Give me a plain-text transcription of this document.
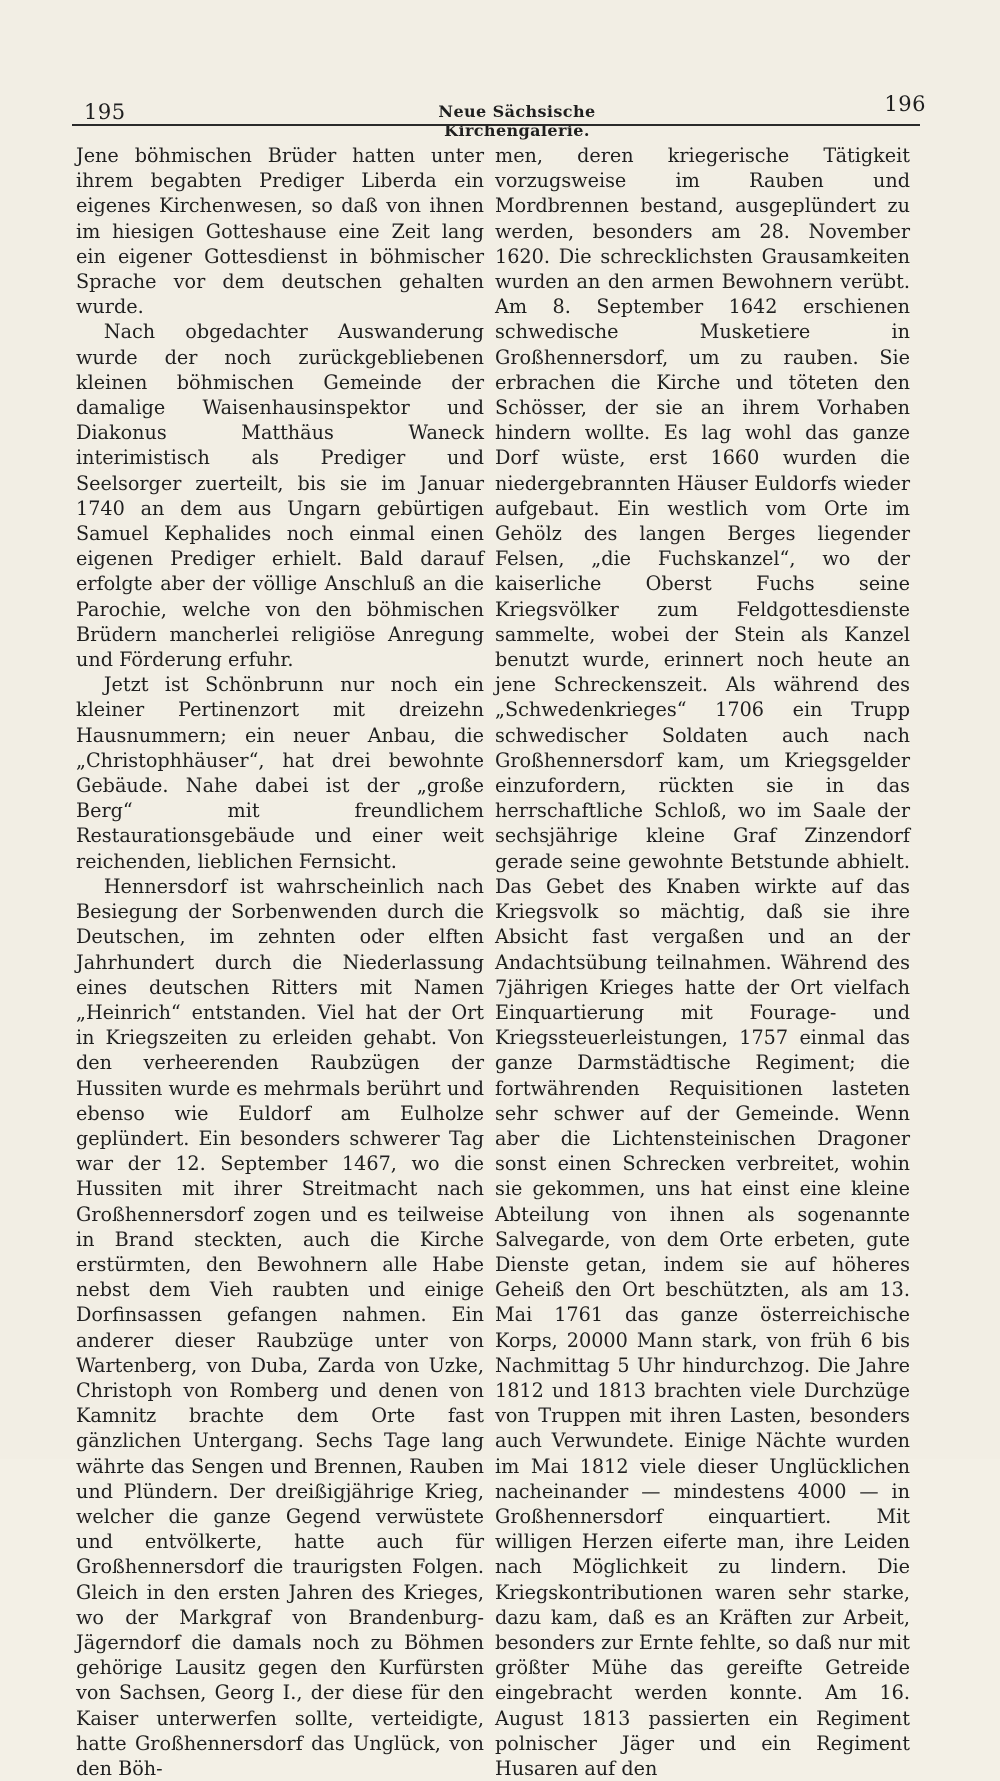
195	Neue Sächsische Kirchengalerie.
196

Jene böhmischen Brüder hatten unter ihrem begabten Prediger Liberda ein eigenes Kirchenwesen, so daß von ihnen im hiesigen Gotteshause eine Zeit lang ein eigener Gottesdienst in böhmischer Sprache vor dem deutschen gehalten wurde.

Nach obgedachter Auswanderung wurde der noch zurückgebliebenen kleinen böhmischen Gemeinde der damalige Waisenhausinspektor und Diakonus Matthäus Waneck interimistisch als Prediger und Seelsorger zuerteilt, bis sie im Januar 1740 an dem aus Ungarn gebürtigen Samuel Kephalides noch einmal einen eigenen Prediger erhielt. Bald darauf erfolgte aber der völlige Anschluß an die Parochie, welche von den böhmischen Brüdern mancherlei religiöse Anregung und Förderung erfuhr.

Jetzt ist Schönbrunn nur noch ein kleiner Pertinenzort mit dreizehn Hausnummern; ein neuer Anbau, die „Christophhäuser“, hat drei bewohnte Gebäude. Nahe dabei ist der „große Berg“ mit freundlichem Restaurationsgebäude und einer weit reichenden, lieblichen Fernsicht.

Hennersdorf ist wahrscheinlich nach Besiegung der Sorbenwenden durch die Deutschen, im zehnten oder elften Jahrhundert durch die Niederlassung eines deutschen Ritters mit Namen „Heinrich“ entstanden. Viel hat der Ort in Kriegszeiten zu erleiden gehabt. Von den verheerenden Raubzügen der Hussiten wurde es mehrmals berührt und ebenso wie Euldorf am Eulholze geplündert. Ein besonders schwerer Tag war der 12. September 1467, wo die Hussiten mit ihrer Streitmacht nach Großhennersdorf zogen und es teilweise in Brand steckten, auch die Kirche erstürmten, den Bewohnern alle Habe nebst dem Vieh raubten und einige Dorfinsassen gefangen nahmen. Ein anderer dieser Raubzüge unter von Wartenberg, von Duba, Zarda von Uzke, Christoph von Romberg und denen von Kamnitz brachte dem Orte fast gänzlichen Untergang. Sechs Tage lang währte das Sengen und Brennen, Rauben und Plündern. Der dreißigjährige Krieg, welcher die ganze Gegend verwüstete und entvölkerte, hatte auch für Großhennersdorf die traurigsten Folgen. Gleich in den ersten Jahren des Krieges, wo der Markgraf von Brandenburg-Jägerndorf die damals noch zu Böhmen gehörige Lausitz gegen den Kurfürsten von Sachsen, Georg I., der diese für den Kaiser unterwerfen sollte, verteidigte, hatte Großhennersdorf das Unglück, von den Böh-

men, deren kriegerische Tätigkeit vorzugsweise im Rauben und Mordbrennen bestand, ausgeplündert zu werden, besonders am 28. November 1620. Die schrecklichsten Grausamkeiten wurden an den armen Bewohnern verübt. Am 8. September 1642 erschienen schwedische Musketiere in Großhennersdorf, um zu rauben. Sie erbrachen die Kirche und töteten den Schösser, der sie an ihrem Vorhaben hindern wollte. Es lag wohl das ganze Dorf wüste, erst 1660 wurden die niedergebrannten Häuser Euldorfs wieder aufgebaut. Ein westlich vom Orte im Gehölz des langen Berges liegender Felsen, „die Fuchskanzel“, wo der kaiserliche Oberst Fuchs seine Kriegsvölker zum Feldgottesdienste sammelte, wobei der Stein als Kanzel benutzt wurde, erinnert noch heute an jene Schreckenszeit. Als während des „Schwedenkrieges“ 1706 ein Trupp schwedischer Soldaten auch nach Großhennersdorf kam, um Kriegsgelder einzufordern, rückten sie in das herrschaftliche Schloß, wo im Saale der sechsjährige kleine Graf Zinzendorf gerade seine gewohnte Betstunde abhielt. Das Gebet des Knaben wirkte auf das Kriegsvolk so mächtig, daß sie ihre Absicht fast vergaßen und an der Andachtsübung teilnahmen. Während des 7jährigen Krieges hatte der Ort vielfach Einquartierung mit Fourage- und Kriegssteuerleistungen, 1757 einmal das ganze Darmstädtische Regiment; die fortwährenden Requisitionen lasteten sehr schwer auf der Gemeinde. Wenn aber die Lichtensteinischen Dragoner sonst einen Schrecken verbreitet, wohin sie gekommen, uns hat einst eine kleine Abteilung von ihnen als sogenannte Salvegarde, von dem Orte erbeten, gute Dienste getan, indem sie auf höheres Geheiß den Ort beschützten, als am 13. Mai 1761 das ganze österreichische Korps, 20000 Mann stark, von früh 6 bis Nachmittag 5 Uhr hindurchzog. Die Jahre 1812 und 1813 brachten viele Durchzüge von Truppen mit ihren Lasten, besonders auch Verwundete. Einige Nächte wurden im Mai 1812 viele dieser Unglücklichen nacheinander — mindestens 4000 — in Großhennersdorf einquartiert. Mit willigen Herzen eiferte man, ihre Leiden nach Möglichkeit zu lindern. Die Kriegskontributionen waren sehr starke, dazu kam, daß es an Kräften zur Arbeit, besonders zur Ernte fehlte, so daß nur mit größter Mühe das gereifte Getreide eingebracht werden konnte. Am 16. August 1813 passierten ein Regiment polnischer Jäger und ein Regiment Husaren auf den
